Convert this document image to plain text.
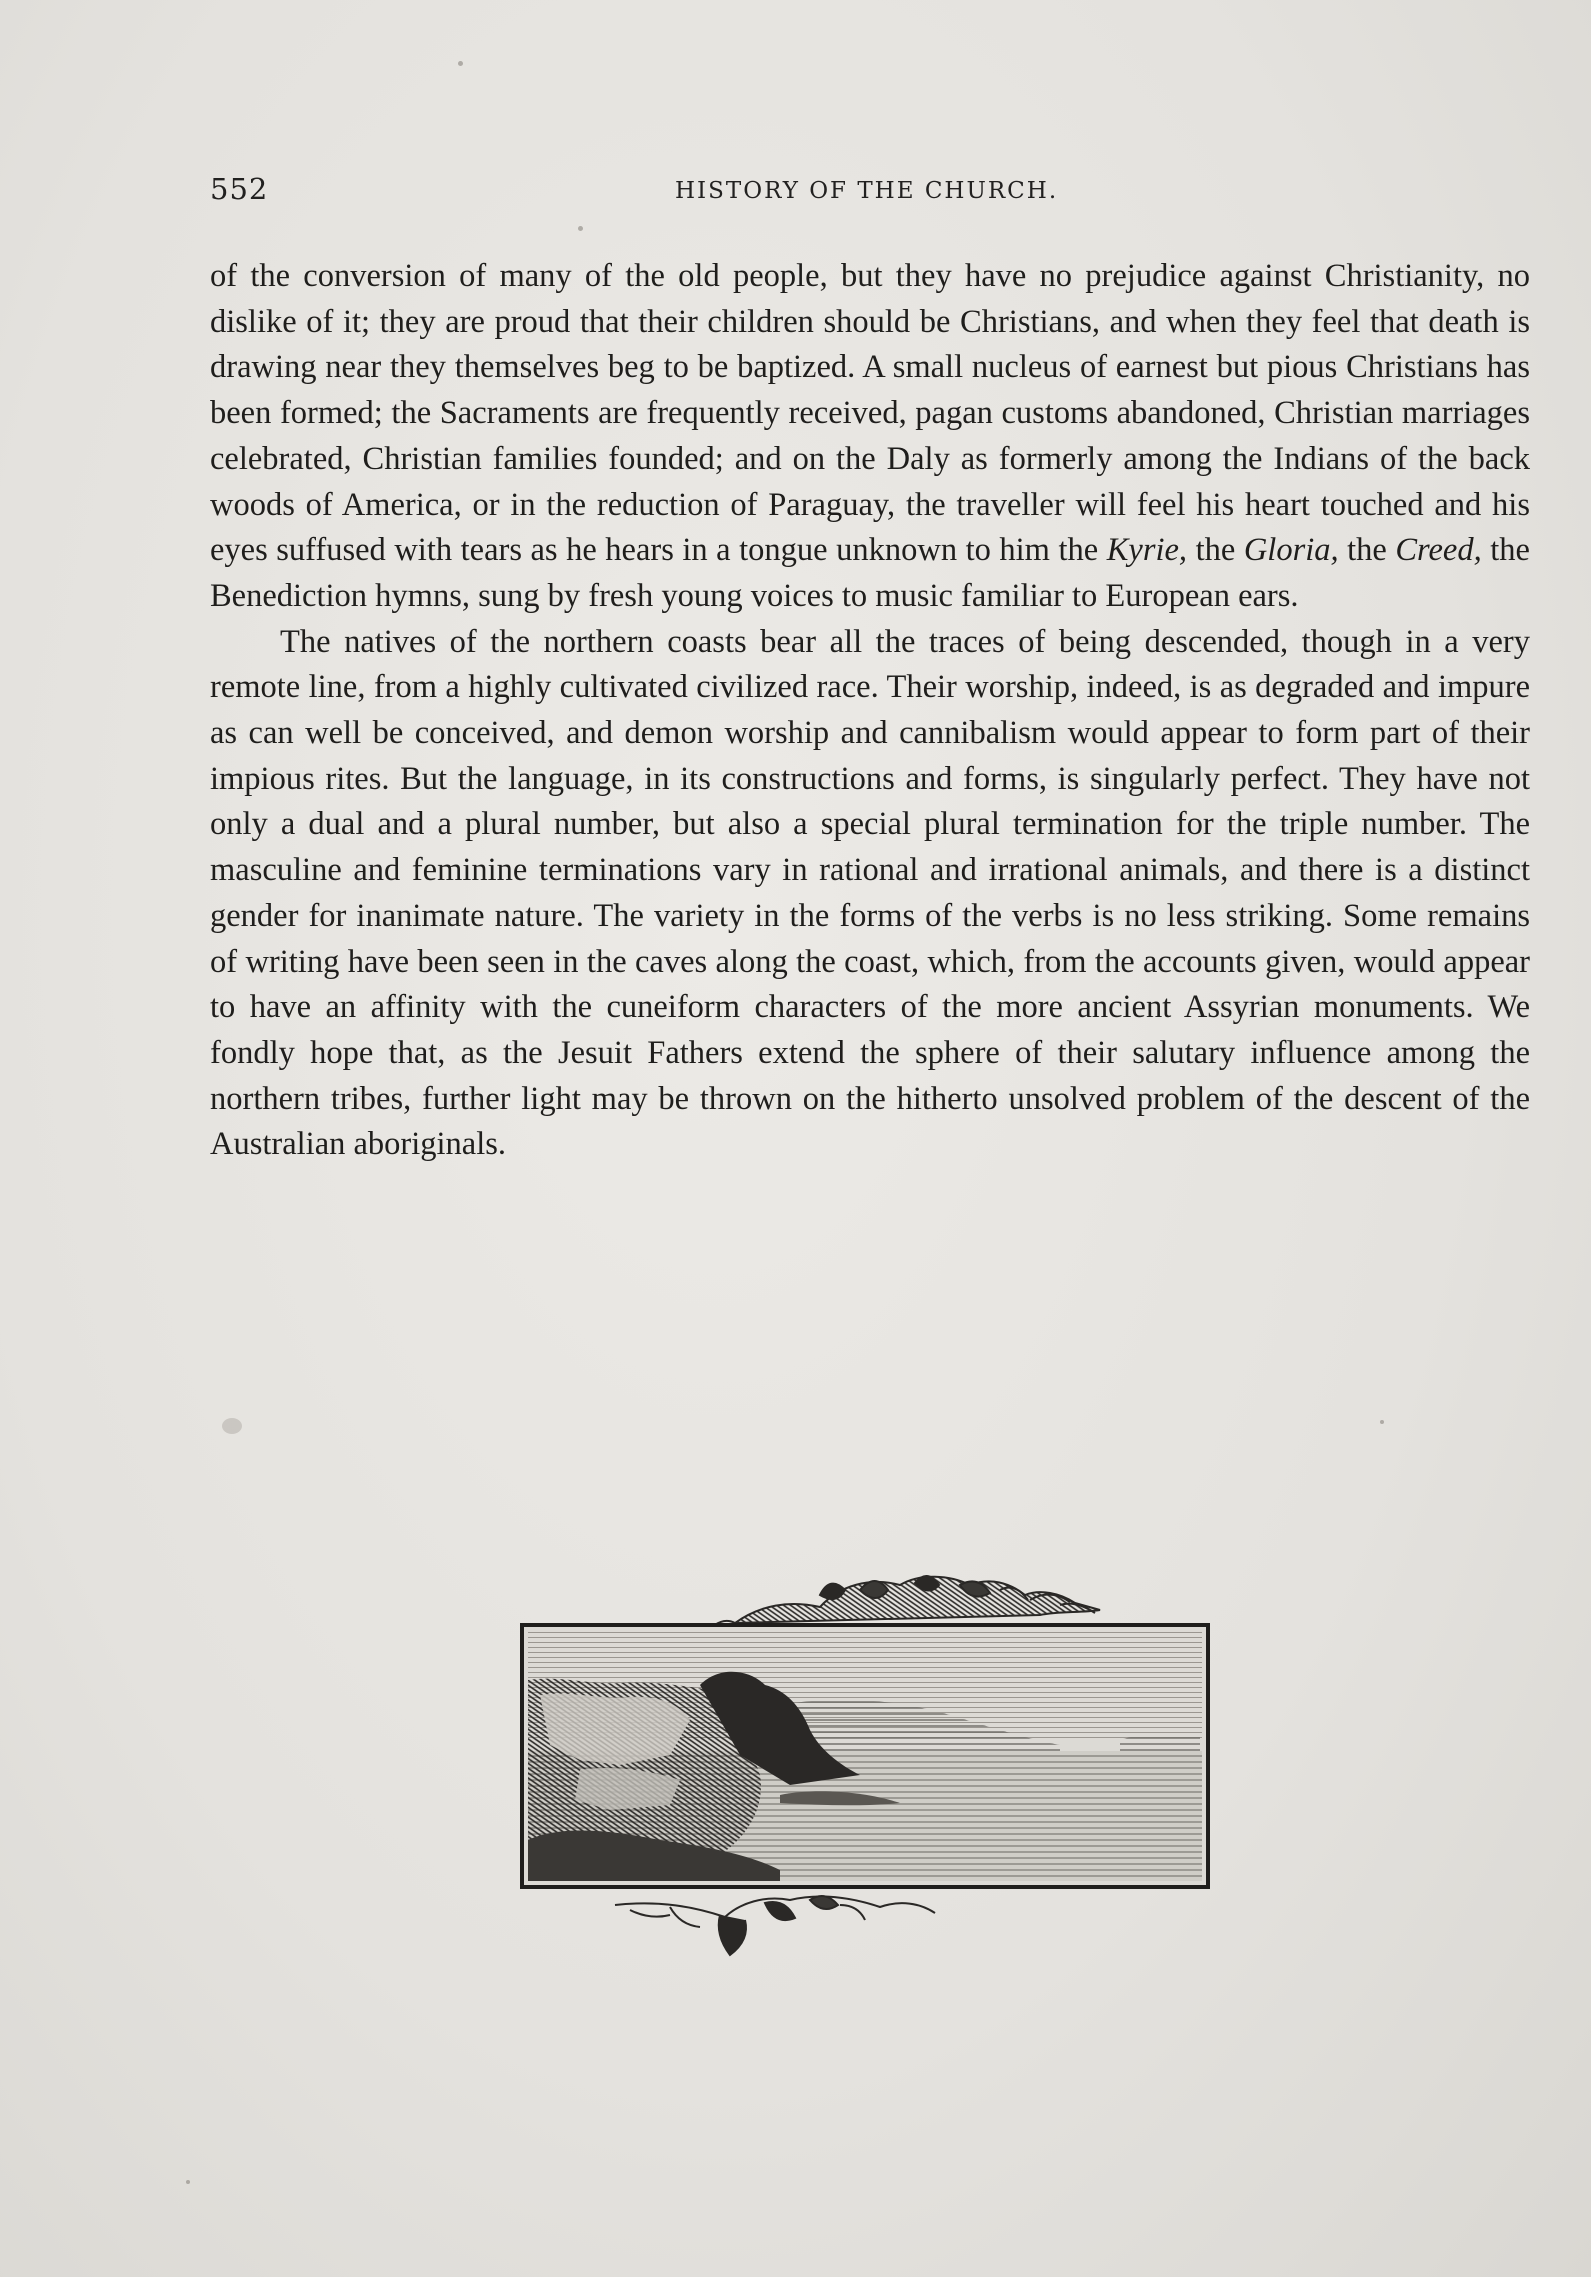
552	HISTORY OF THE CHURCH.

of the conversion of many of the old people, but they have no prejudice against Christianity, no dislike of it; they are proud that their children should be Christians, and when they feel that death is drawing near they themselves beg to be baptized. A small nucleus of earnest but pious Christians has been formed; the Sacraments are frequently received, pagan customs abandoned, Christian marriages celebrated, Christian families founded; and on the Daly as formerly among the Indians of the back woods of America, or in the reduction of Paraguay, the traveller will feel his heart touched and his eyes suffused with tears as he hears in a tongue unknown to him the Kyrie, the Gloria, the Creed, the Benediction hymns, sung by fresh young voices to music familiar to European ears.

The natives of the northern coasts bear all the traces of being descended, though in a very remote line, from a highly cultivated civilized race. Their worship, indeed, is as degraded and impure as can well be conceived, and demon worship and cannibalism would appear to form part of their impious rites. But the language, in its constructions and forms, is singularly perfect. They have not only a dual and a plural number, but also a special plural termination for the triple number. The masculine and feminine terminations vary in rational and irrational animals, and there is a distinct gender for inanimate nature. The variety in the forms of the verbs is no less striking. Some remains of writing have been seen in the caves along the coast, which, from the accounts given, would appear to have an affinity with the cuneiform characters of the more ancient Assyrian monuments. We fondly hope that, as the Jesuit Fathers extend the sphere of their salutary influence among the northern tribes, further light may be thrown on the hitherto unsolved problem of the descent of the Australian aboriginals.
